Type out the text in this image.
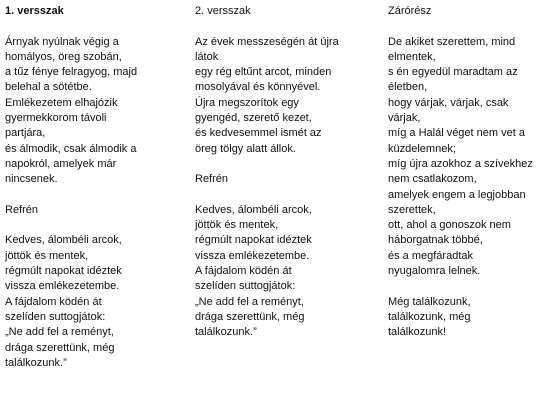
1. versszak
Árnyak nyúlnak végig a
homályos, öreg szobán,
a tűz fénye felragyog, majd
belehal a sötétbe.
Emlékezetem elhajózik
gyermekkorom távoli
partjára,
és álmodik, csak álmodik a
napokról, amelyek már
nincsenek.
Refrén
Kedves, álombéli arcok,
jöttök és mentek,
régmúlt napokat idéztek
vissza emlékezetembe.
A fájdalom ködén át
szelíden suttogjátok:
„Ne add fel a reményt,
drága szerettünk, még
találkozunk.”
2. versszak
Az évek messzeségén át újra
látok
egy rég eltűnt arcot, minden
mosolyával és könnyével.
Újra megszorítok egy
gyengéd, szerető kezet,
és kedvesemmel ismét az
öreg tölgy alatt állok.
Refrén
Kedves, álombéli arcok,
jöttök és mentek,
régmúlt napokat idéztek
vissza emlékezetembe.
A fájdalom ködén át
szelíden suttogjátok:
„Ne add fel a reményt,
drága szerettünk, még
találkozunk.”
Zárórész
De akiket szerettem, mind
elmentek,
s én egyedül maradtam az
életben,
hogy várjak, várjak, csak
várjak,
míg a Halál véget nem vet a
küzdelemnek;
míg újra azokhoz a szívekhez
nem csatlakozom,
amelyek engem a legjobban
szerettek,
ott, ahol a gonoszok nem
háborgatnak többé,
és a megfáradtak
nyugalomra lelnek.
Még találkozunk,
találkozunk, még
találkozunk!
